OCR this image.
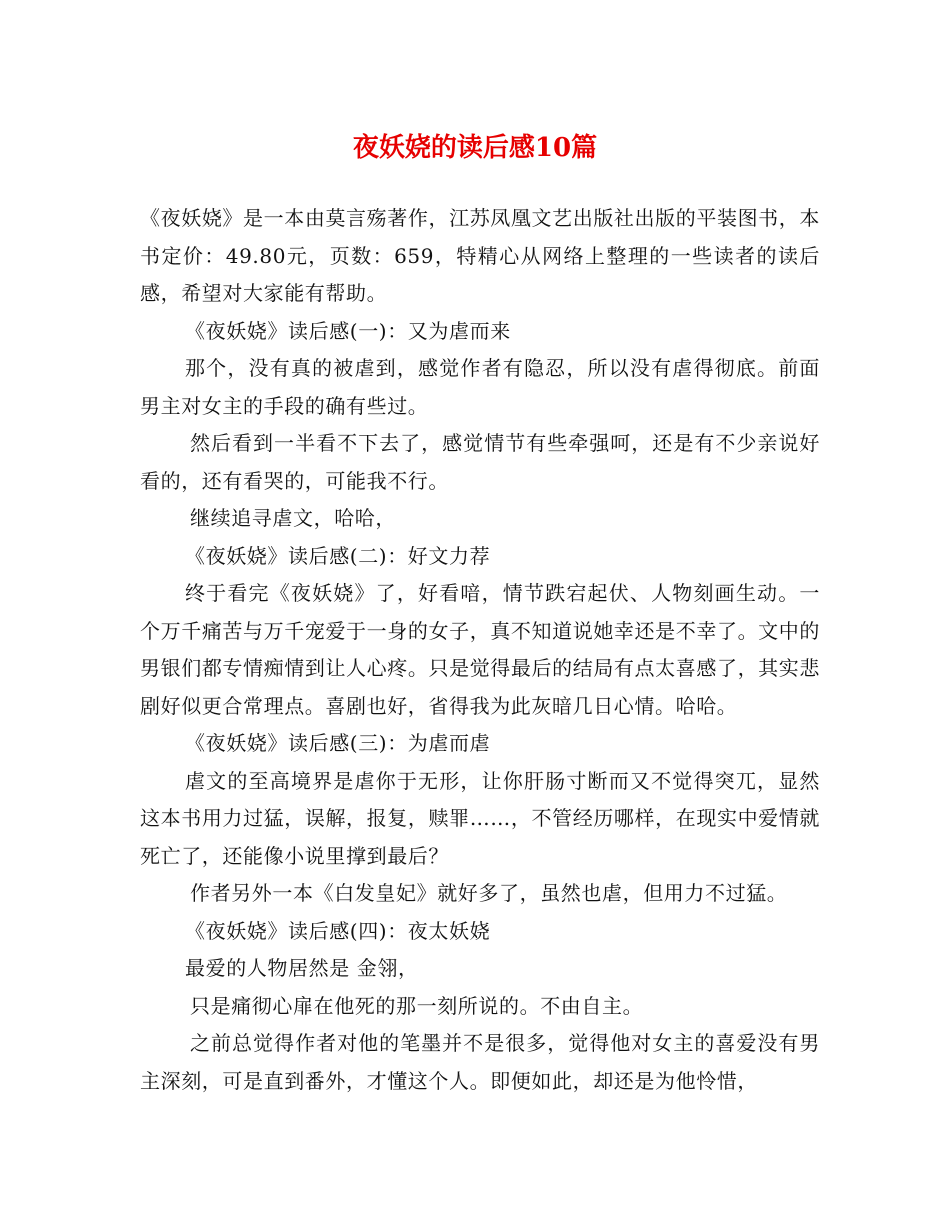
夜妖娆的读后感10篇

《夜妖娆》是一本由莫言殇著作，江苏凤凰文艺出版社出版的平装图书，本书定价：49.80元，页数：659，特精心从网络上整理的一些读者的读后感，希望对大家能有帮助。

《夜妖娆》读后感(一)：又为虐而来

那个，没有真的被虐到，感觉作者有隐忍，所以没有虐得彻底。前面男主对女主的手段的确有些过。

然后看到一半看不下去了，感觉情节有些牵强呵，还是有不少亲说好看的，还有看哭的，可能我不行。

继续追寻虐文，哈哈，

《夜妖娆》读后感(二)：好文力荐

终于看完《夜妖娆》了，好看喑，情节跌宕起伏、人物刻画生动。一个万千痛苦与万千宠爱于一身的女子，真不知道说她幸还是不幸了。文中的男银们都专情痴情到让人心疼。只是觉得最后的结局有点太喜感了，其实悲剧好似更合常理点。喜剧也好，省得我为此灰暗几日心情。哈哈。

《夜妖娆》读后感(三)：为虐而虐

虐文的至高境界是虐你于无形，让你肝肠寸断而又不觉得突兀，显然这本书用力过猛，误解，报复，赎罪……，不管经历哪样，在现实中爱情就死亡了，还能像小说里撑到最后？

作者另外一本《白发皇妃》就好多了，虽然也虐，但用力不过猛。

《夜妖娆》读后感(四)：夜太妖娆

最爱的人物居然是 金翎，

只是痛彻心扉在他死的那一刻所说的。不由自主。

之前总觉得作者对他的笔墨并不是很多，觉得他对女主的喜爱没有男主深刻，可是直到番外，才懂这个人。即便如此，却还是为他怜惜，
